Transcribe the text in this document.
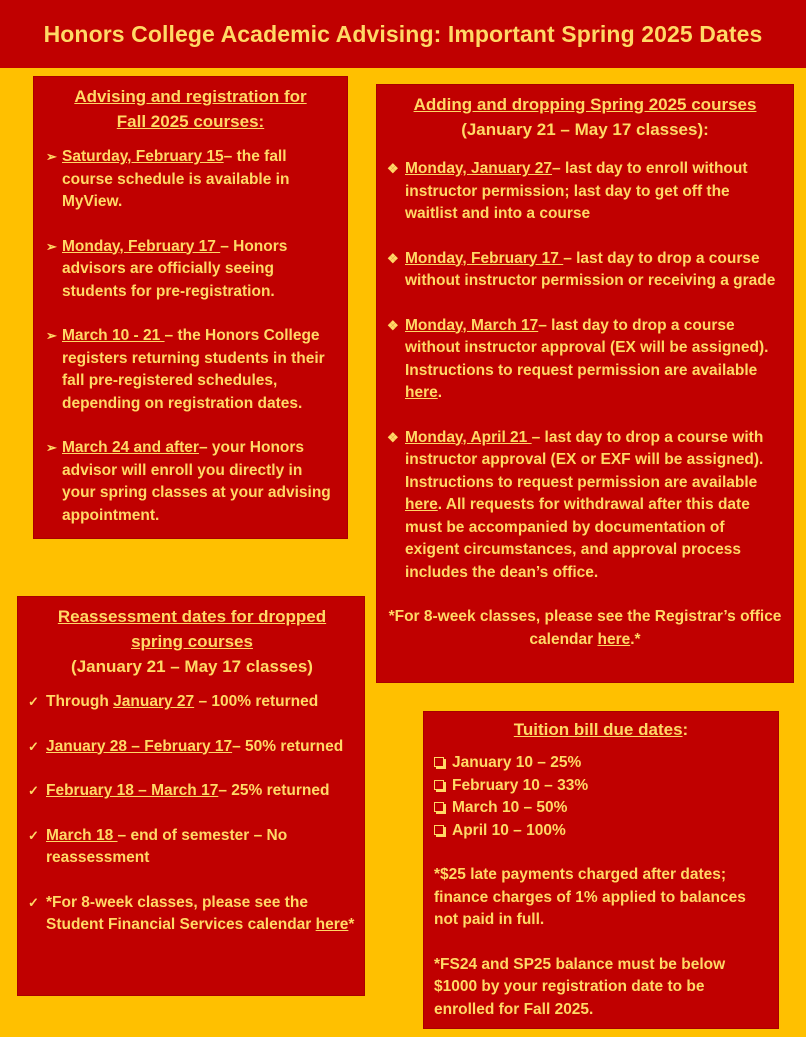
Honors College Academic Advising: Important Spring 2025 Dates

Advising and registration for
Fall 2025 courses:

➢ Saturday, February 15– the fall course schedule is available in MyView.
➢ Monday, February 17 – Honors advisors are officially seeing students for pre-registration.
➢ March 10 - 21 – the Honors College registers returning students in their fall pre-registered schedules, depending on registration dates.
➢ March 24 and after– your Honors advisor will enroll you directly in your spring classes at your advising appointment.

Adding and dropping Spring 2025 courses
(January 21 – May 17 classes):

❖ Monday, January 27– last day to enroll without instructor permission; last day to get off the waitlist and into a course
❖ Monday, February 17 – last day to drop a course without instructor permission or receiving a grade
❖ Monday, March 17– last day to drop a course without instructor approval (EX will be assigned). Instructions to request permission are available here.
❖ Monday, April 21 – last day to drop a course with instructor approval (EX or EXF will be assigned). Instructions to request permission are available here. All requests for withdrawal after this date must be accompanied by documentation of exigent circumstances, and approval process includes the dean’s office.
*For 8-week classes, please see the Registrar’s office calendar here.*

Reassessment dates for dropped
spring courses
(January 21 – May 17 classes)

✓ Through January 27 – 100% returned
✓ January 28 – February 17– 50% returned
✓ February 18 – March 17– 25% returned
✓ March 18 – end of semester – No reassessment
✓ *For 8-week classes, please see the Student Financial Services calendar here*

Tuition bill due dates:

January 10 – 25%
February 10 – 33%
March 10 – 50%
April 10 – 100%
*$25 late payments charged after dates; finance charges of 1% applied to balances not paid in full.
*FS24 and SP25 balance must be below $1000 by your registration date to be enrolled for Fall 2025.
